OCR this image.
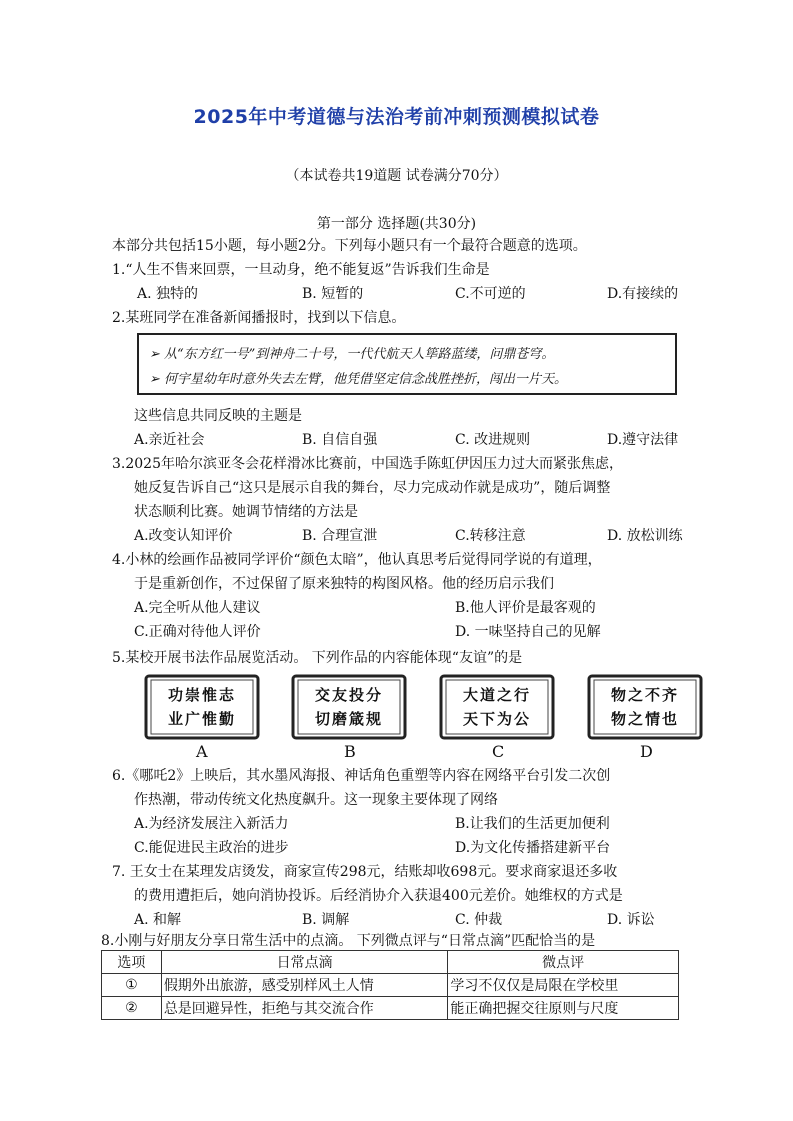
2025年中考道德与法治考前冲刺预测模拟试卷
（本试卷共19道题 试卷满分70分）
第一部分 选择题(共30分)
本部分共包括15小题，每小题2分。下列每小题只有一个最符合题意的选项。
1.“人生不售来回票，一旦动身，绝不能复返”告诉我们生命是
A. 独特的	B. 短暂的	C.不可逆的	D.有接续的
2.某班同学在准备新闻播报时，找到以下信息。
➢ 从“东方红一号”到神舟二十号，一代代航天人筚路蓝缕，问鼎苍穹。
➢ 何宇星幼年时意外失去左臂，他凭借坚定信念战胜挫折，闯出一片天。
这些信息共同反映的主题是
A.亲近社会	B. 自信自强	C. 改进规则	D.遵守法律
3.2025年哈尔滨亚冬会花样滑冰比赛前，中国选手陈虹伊因压力过大而紧张焦虑，
她反复告诉自己“这只是展示自我的舞台，尽力完成动作就是成功”，随后调整
状态顺利比赛。她调节情绪的方法是
A.改变认知评价	B. 合理宣泄	C.转移注意	D. 放松训练
4.小林的绘画作品被同学评价“颜色太暗”，他认真思考后觉得同学说的有道理，
于是重新创作，不过保留了原来独特的构图风格。他的经历启示我们
A.完全听从他人建议	B.他人评价是最客观的
C.正确对待他人评价	D. 一味坚持自己的见解
5.某校开展书法作品展览活动。 下列作品的内容能体现“友谊”的是
功崇惟志
业广惟勤
交友投分
切磨箴规
大道之行
天下为公
物之不齐
物之情也
A	B	C	D
6.《哪吒2》上映后，其水墨风海报、神话角色重塑等内容在网络平台引发二次创
作热潮，带动传统文化热度飙升。这一现象主要体现了网络
A.为经济发展注入新活力	B.让我们的生活更加便利
C.能促进民主政治的进步	D.为文化传播搭建新平台
7. 王女士在某理发店烫发，商家宣传298元，结账却收698元。要求商家退还多收
的费用遭拒后，她向消协投诉。后经消协介入获退400元差价。她维权的方式是
A. 和解	B. 调解	C. 仲裁	D. 诉讼
8.小刚与好朋友分享日常生活中的点滴。 下列微点评与“日常点滴”匹配恰当的是
选项	日常点滴	微点评
①	假期外出旅游，感受别样风土人情	学习不仅仅是局限在学校里
②	总是回避异性，拒绝与其交流合作	能正确把握交往原则与尺度
